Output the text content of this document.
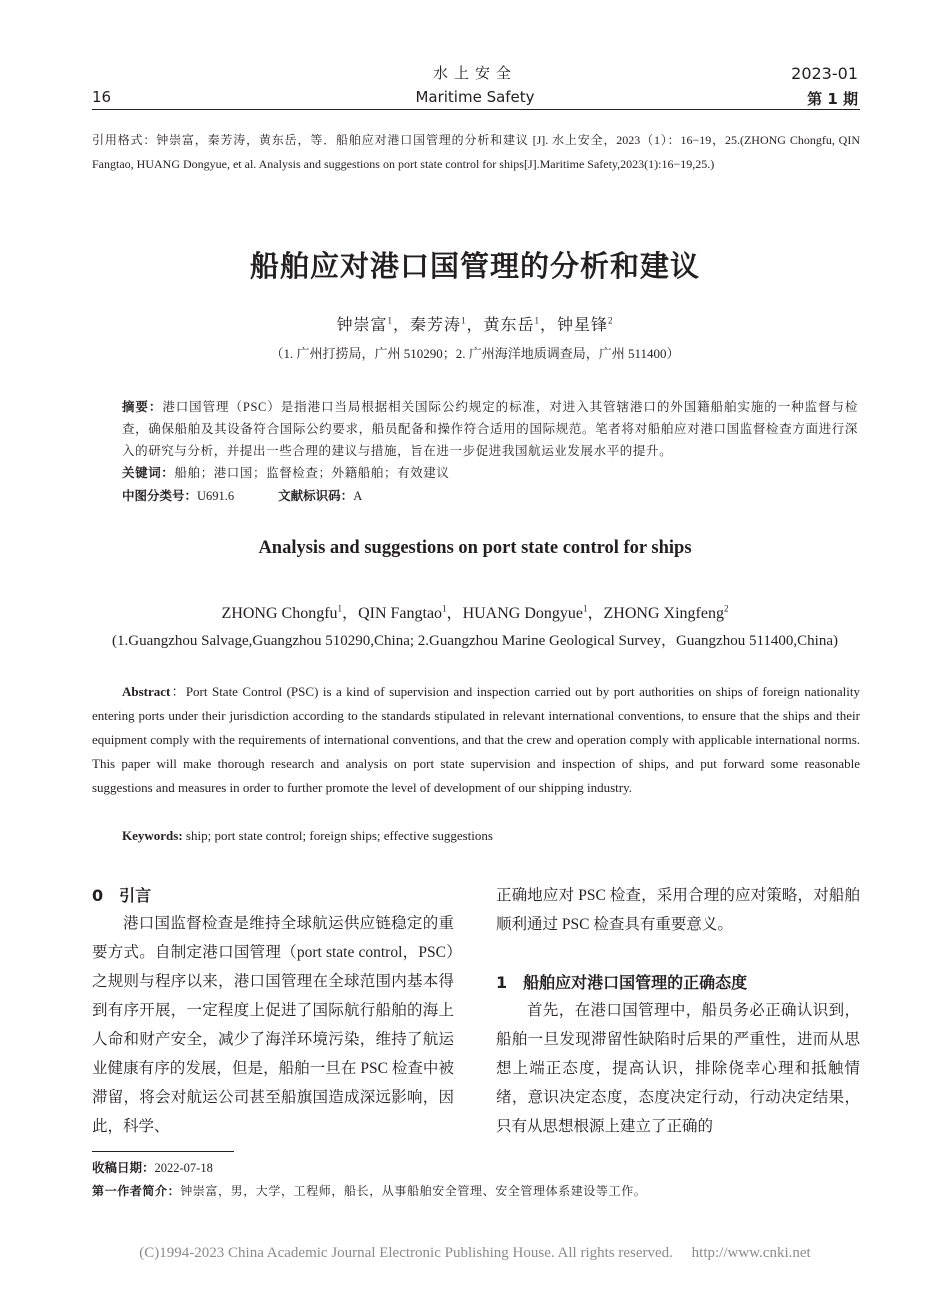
16
水上安全
Maritime Safety
2023-01
第 1 期
引用格式：钟崇富，秦芳涛，黄东岳，等．船舶应对港口国管理的分析和建议 [J]. 水上安全，2023（1）：16−19，25.(ZHONG Chongfu, QIN Fangtao, HUANG Dongyue, et al. Analysis and suggestions on port state control for ships[J].Maritime Safety,2023(1):16−19,25.)
船舶应对港口国管理的分析和建议
钟崇富$^1$，秦芳涛$^1$，黄东岳$^1$，钟星锋$^2$
（1. 广州打捞局，广州 510290；2. 广州海洋地质调查局，广州 511400）
摘要：港口国管理（PSC）是指港口当局根据相关国际公约规定的标准，对进入其管辖港口的外国籍船舶实施的一种监督与检查，确保船舶及其设备符合国际公约要求，船员配备和操作符合适用的国际规范。笔者将对船舶应对港口国监督检查方面进行深入的研究与分析，并提出一些合理的建议与措施，旨在进一步促进我国航运业发展水平的提升。
关键词：船舶；港口国；监督检查；外籍船舶；有效建议
中图分类号：U691.6	文献标识码：A
Analysis and suggestions on port state control for ships
ZHONG Chongfu$^1$，QIN Fangtao$^1$，HUANG Dongyue$^1$，ZHONG Xingfeng$^2$
(1.Guangzhou Salvage,Guangzhou 510290,China; 2.Guangzhou Marine Geological Survey，Guangzhou 511400,China)
Abstract：Port State Control (PSC) is a kind of supervision and inspection carried out by port authorities on ships of foreign nationality entering ports under their jurisdiction according to the standards stipulated in relevant international conventions, to ensure that the ships and their equipment comply with the requirements of international conventions, and that the crew and operation comply with applicable international norms. This paper will make thorough research and analysis on port state supervision and inspection of ships, and put forward some reasonable suggestions and measures in order to further promote the level of development of our shipping industry.
Keywords: ship; port state control; foreign ships; effective suggestions
0　引言
港口国监督检查是维持全球航运供应链稳定的重要方式。自制定港口国管理（port state control，PSC）之规则与程序以来，港口国管理在全球范围内基本得到有序开展，一定程度上促进了国际航行船舶的海上人命和财产安全，减少了海洋环境污染，维持了航运业健康有序的发展，但是，船舶一旦在 PSC 检查中被滞留，将会对航运公司甚至船旗国造成深远影响，因此，科学、
正确地应对 PSC 检查，采用合理的应对策略，对船舶顺利通过 PSC 检查具有重要意义。
1　船舶应对港口国管理的正确态度
首先，在港口国管理中，船员务必正确认识到，船舶一旦发现滞留性缺陷时后果的严重性，进而从思想上端正态度，提高认识，排除侥幸心理和抵触情绪，意识决定态度，态度决定行动，行动决定结果，只有从思想根源上建立了正确的
收稿日期：2022-07-18
第一作者简介：钟崇富，男，大学，工程师，船长，从事船舶安全管理、安全管理体系建设等工作。
(C)1994-2023 China Academic Journal Electronic Publishing House. All rights reserved.　 http://www.cnki.net
